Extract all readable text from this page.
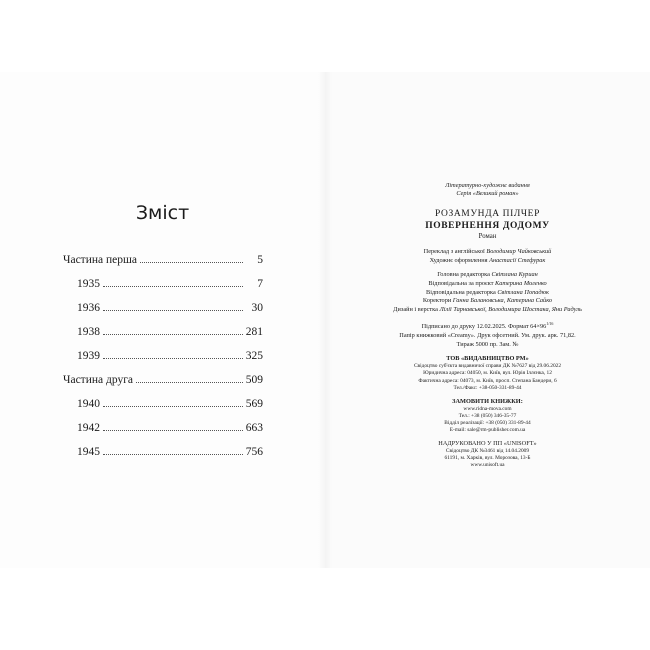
Зміст
Частина перша	5
1935	7
1936	30
1938	281
1939	325
Частина друга	509
1940	569
1942	663
1945	756
Літературно-художнє видання
Серія «Великий роман»
РОЗАМУНДА ПІЛЧЕР
ПОВЕРНЕННЯ ДОДОМУ
Роман
Переклад з англійської Володимир Чайковський
Художнє оформлення Анастасії Стефурак
Головна редакторка Світлана Куриан
Відповідальна за проєкт Катерина Моленко
Відповідальна редакторка Світлана Попадюк
Коректори Ганна Балановська, Катерина Сайко
Дизайн і верстка Лілії Тарнавської, Володимира Шостака, Яни Радуль
Підписано до друку 12.02.2025. Формат $64\times 96^{1/16}$
Папір книжковий «Creamy». Друк офсетний. Ум. друк. арк. 71,82.
Тираж 5000 пр. Зам. №
ТОВ «ВИДАВНИЦТВО РМ»
Свідоцтво суб'єкта видавничої справи ДК №7627 від 29.06.2022
Юридична адреса: 04050, м. Київ, вул. Юрія Іллєнка, 12
Фактична адреса: 04073, м. Київ, просп. Степана Бандери, 6
Тел./Факс: +38-050-331-89-44
ЗАМОВИТИ КНИЖКИ:
www.ridna-mova.com
Тел.: +38 (050) 346-35-77
Відділ реалізації: +38 (050) 331-89-44
E-mail: sale@rm-publisher.com.ua
НАДРУКОВАНО У ПП «UNISOFT»
Свідоцтво ДК №3461 від 14.04.2009
61191, м. Харків, вул. Морозова, 13-Б
www.unisoft.ua
